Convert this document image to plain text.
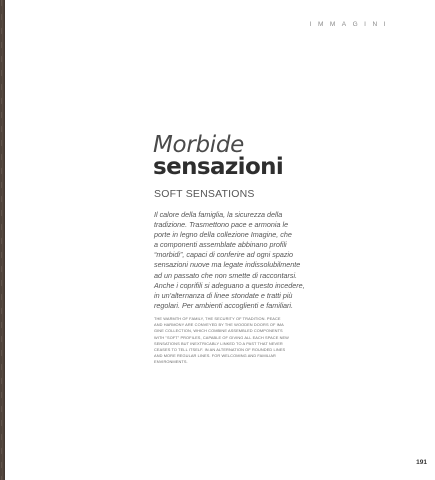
IMMAGINI
Morbide
sensazioni
SOFT SENSATIONS

Il calore della famiglia, la sicurezza della
tradizione. Trasmettono pace e armonia le
porte in legno della collezione Imagine, che
a componenti assemblate abbinano profili
“morbidi”, capaci di conferire ad ogni spazio
sensazioni nuove ma legate indissolubilmente
ad un passato che non smette di raccontarsi.
Anche i coprifili si adeguano a questo incedere,
in un'alternanza di linee stondate e tratti più
regolari. Per ambienti accoglienti e familiari.

THE WARMTH OF FAMILY, THE SECURITY OF TRADITION. PEACE
AND HARMONY ARE CONVEYED BY THE WOODEN DOORS OF IMA
GINE COLLECTION, WHICH COMBINE ASSEMBLED COMPONENTS
WITH "SOFT" PROFILES, CAPABLE OF GIVING ALL EACH SPACE NEW
SENSATIONS BUT INEXTRICABLY LINKED TO A PAST THAT NEVER
CEASES TO TELL ITSELF. IN AN ALTERNATION OF ROUNDED LINES
AND MORE REGULAR LINES. FOR WELCOMING AND FAMILIAR
ENVIRONMENTS.

191
